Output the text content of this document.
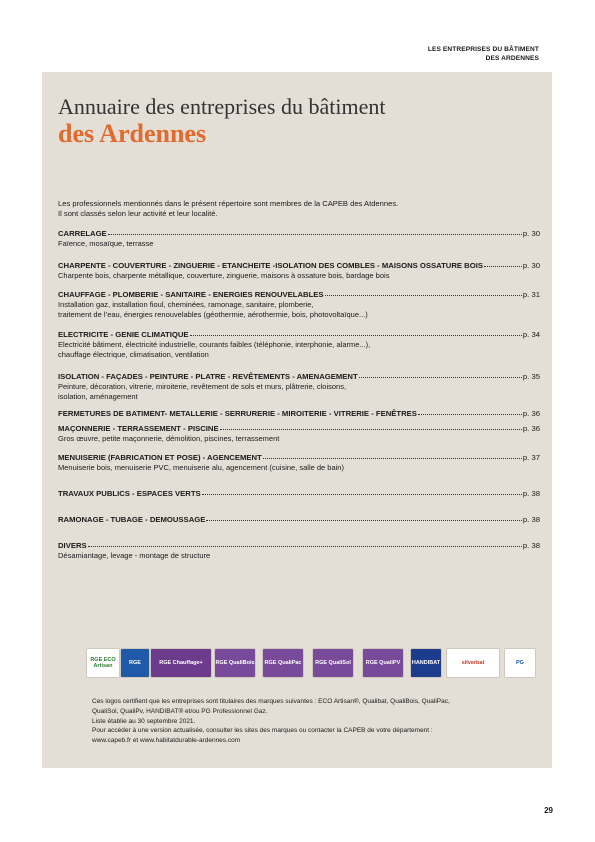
LES ENTREPRISES DU BÂTIMENT
DES ARDENNES
Annuaire des entreprises du bâtiment
des Ardennes
Les professionnels mentionnés dans le présent répertoire sont membres de la CAPEB des Atdennes.
Il sont classés selon leur activité et leur localité.
CARRELAGE	p. 30
Faïence, mosaïque, terrasse
CHARPENTE - COUVERTURE - ZINGUERIE - ETANCHEITE -ISOLATION DES COMBLES - MAISONS OSSATURE BOIS	p. 30
Charpente bois, charpente métallique, couverture, zinguerie, maisons à ossature bois, bardage bois
CHAUFFAGE - PLOMBERIE - SANITAIRE - ENERGIES RENOUVELABLES	p. 31
Installation gaz, installation fioul, cheminées, ramonage, sanitaire, plomberie,
traitement de l’eau, énergies renouvelables (géothermie, aérothermie, bois, photovoltaïque...)
ELECTRICITE - GENIE CLIMATIQUE	p. 34
Electricité bâtiment, électricité industrielle, courants faibles (téléphonie, interphonie, alarme...),
chauffage électrique, climatisation, ventilation
ISOLATION - FAÇADES - PEINTURE - PLATRE - REVÊTEMENTS - AMENAGEMENT	p. 35
Peinture, décoration, vitrerie, miroiterie, revêtement de sols et murs, plâtrerie, cloisons,
isolation, aménagement
FERMETURES DE BATIMENT- METALLERIE - SERRURERIE - MIROITERIE - VITRERIE - FENÊTRES	p. 36
MAÇONNERIE - TERRASSEMENT - PISCINE	p. 36
Gros œuvre, petite maçonnerie, démolition, piscines, terrassement
MENUISERIE (FABRICATION ET POSE) - AGENCEMENT	p. 37
Menuiserie bois, menuiserie PVC, menuiserie alu, agencement (cuisine, salle de bain)
TRAVAUX PUBLICS - ESPACES VERTS	p. 38
RAMONAGE - TUBAGE - DEMOUSSAGE	p. 38
DIVERS	p. 38
Désamiantage, levage - montage de structure
RGE ECO Artisan	RGE	RGE Chauffage+	RGE QualiBois	RGE QualiPac	RGE QualiSol	RGE QualiPV	HANDIBAT	silverbat	PG
Ces logos certifient que les entreprises sont titulaires des marques suivantes : ECO Artisan®, Qualibat, QualiBois, QualiPac,
QualiSol, QualiPv, HANDIBAT® et/ou PG Professionnel Gaz.
Liste établie au 30 septembre 2021.
Pour accéder à une version actualisée, consulter les sites des marques ou contacter la CAPEB de votre département :
www.capeb.fr et www.habitatdurable-ardennes.com
29
